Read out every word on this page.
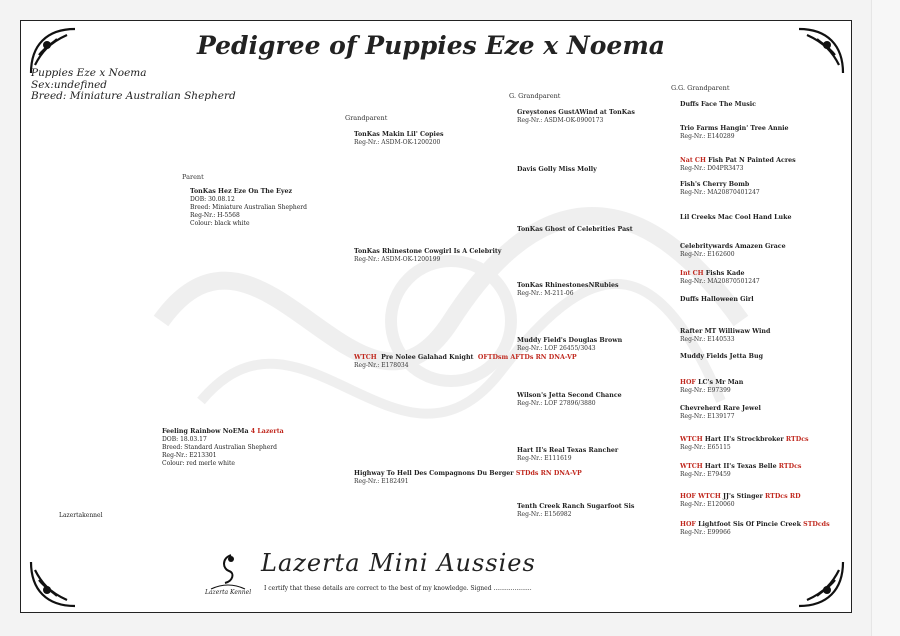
Pedigree of Puppies Eze x Noema
Puppies Eze x Noema
Sex:undefined
Breed: Miniature Australian Shepherd
Parent
Grandparent
G. Grandparent
G.G. Grandparent
TonKas Hez Eze On The Eyez
DOB: 30.08.12
Breed: Miniature Australian Shepherd
Reg-Nr.: H-5568
Colour: black white
Feeling Rainbow NoEMa 4 Lazerta
DOB: 18.03.17
Breed: Standard Australian Shepherd
Reg-Nr.: E213301
Colour: red merle white
TonKas Makin Lil' Copies
Reg-Nr.: ASDM-OK-1200200
TonKas Rhinestone Cowgirl Is A Celebrity
Reg-Nr.: ASDM-OK-1200199
WTCH Pre Nolee Galahad Knight OFTDsm AFTDs RN DNA-VP
Reg-Nr.: E178034
Highway To Hell Des Compagnons Du Berger STDds RN DNA-VP
Reg-Nr.: E182491
Greystones GustAWind at TonKas
Reg-Nr.: ASDM-OK-0900173
Davis Golly Miss Molly
TonKas Ghost of Celebrities Past
TonKas RhinestonesNRubies
Reg-Nr.: M-211-06
Muddy Field's Douglas Brown
Reg-Nr.: LOF 26455/3043
Wilson's Jetta Second Chance
Reg-Nr.: LOF 27896/3880
Hart II's Real Texas Rancher
Reg-Nr.: E111619
Tenth Creek Ranch Sugarfoot Sis
Reg-Nr.: E156982
Duffs Face The Music
Trio Farms Hangin' Tree Annie
Reg-Nr.: E140289
Nat CH Fish Pat N Painted Acres
Reg-Nr.: D04PR3473
Fish's Cherry Bomb
Reg-Nr.: MA20870401247
Lil Creeks Mac Cool Hand Luke
Celebritywards Amazen Grace
Reg-Nr.: E162600
Int CH Fishs Kade
Reg-Nr.: MA20870501247
Duffs Halloween Girl
Rafter MT Williwaw Wind
Reg-Nr.: E140533
Muddy Fields Jetta Bug
HOF LC's Mr Man
Reg-Nr.: E97399
Chevreherd Rare Jewel
Reg-Nr.: E139177
WTCH Hart II's Strockbroker RTDcs
Reg-Nr.: E65115
WTCH Hart II's Texas Belle RTDcs
Reg-Nr.: E79459
HOF WTCH JJ's Stinger RTDcs RD
Reg-Nr.: E120060
HOF Lightfoot Sis Of Pincie Creek STDcds
Reg-Nr.: E99966
Lazertakennel
Lazerta Kennel
Lazerta Mini Aussies
I certify that these details are correct to the best of my knowledge. Signed ....................
